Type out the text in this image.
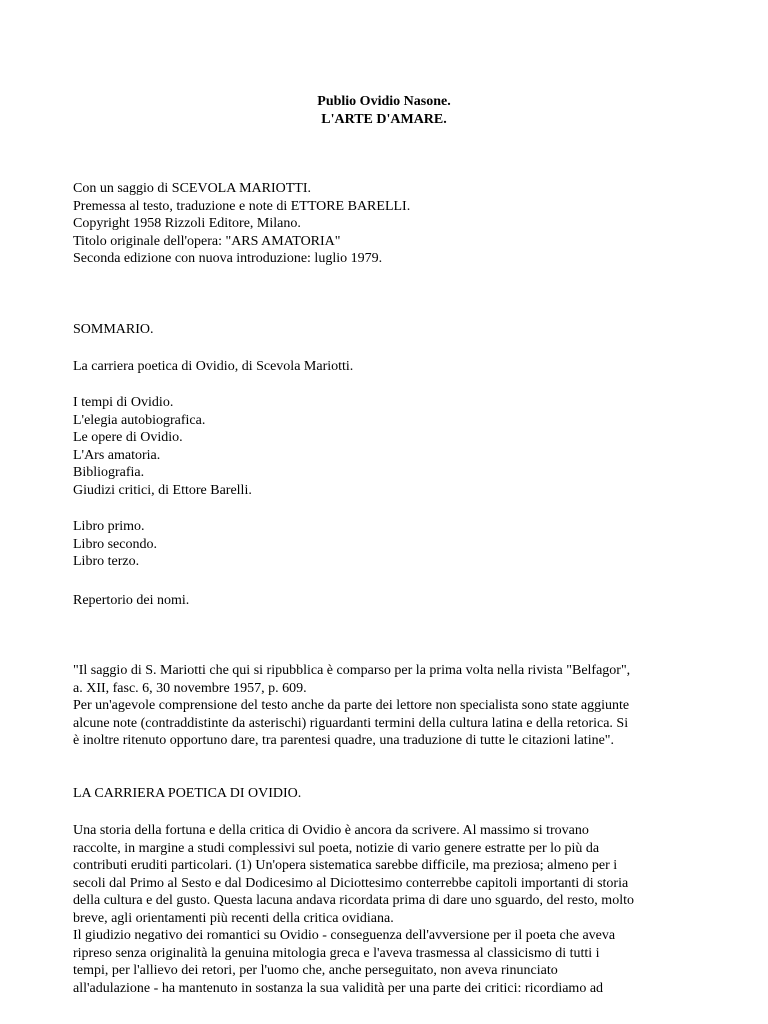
Publio Ovidio Nasone.
L'ARTE D'AMARE.
Con un saggio di SCEVOLA MARIOTTI.
Premessa al testo, traduzione e note di ETTORE BARELLI.
Copyright 1958 Rizzoli Editore, Milano.
Titolo originale dell'opera: "ARS AMATORIA"
Seconda edizione con nuova introduzione: luglio 1979.
SOMMARIO.
La carriera poetica di Ovidio, di Scevola Mariotti.
I tempi di Ovidio.
L'elegia autobiografica.
Le opere di Ovidio.
L'Ars amatoria.
Bibliografia.
Giudizi critici, di Ettore Barelli.
Libro primo.
Libro secondo.
Libro terzo.
Repertorio dei nomi.
"Il saggio di S. Mariotti che qui si ripubblica è comparso per la prima volta nella rivista "Belfagor",
a. XII, fasc. 6, 30 novembre 1957, p. 609.
Per un'agevole comprensione del testo anche da parte dei lettore non specialista sono state aggiunte
alcune note (contraddistinte da asterischi) riguardanti termini della cultura latina e della retorica. Si
è inoltre ritenuto opportuno dare, tra parentesi quadre, una traduzione di tutte le citazioni latine".
LA CARRIERA POETICA DI OVIDIO.
Una storia della fortuna e della critica di Ovidio è ancora da scrivere. Al massimo si trovano
raccolte, in margine a studi complessivi sul poeta, notizie di vario genere estratte per lo più da
contributi eruditi particolari. (1) Un'opera sistematica sarebbe difficile, ma preziosa; almeno per i
secoli dal Primo al Sesto e dal Dodicesimo al Diciottesimo conterrebbe capitoli importanti di storia
della cultura e del gusto. Questa lacuna andava ricordata prima di dare uno sguardo, del resto, molto
breve, agli orientamenti più recenti della critica ovidiana.
Il giudizio negativo dei romantici su Ovidio - conseguenza dell'avversione per il poeta che aveva
ripreso senza originalità la genuina mitologia greca e l'aveva trasmessa al classicismo di tutti i
tempi, per l'allievo dei retori, per l'uomo che, anche perseguitato, non aveva rinunciato
all'adulazione - ha mantenuto in sostanza la sua validità per una parte dei critici: ricordiamo ad
